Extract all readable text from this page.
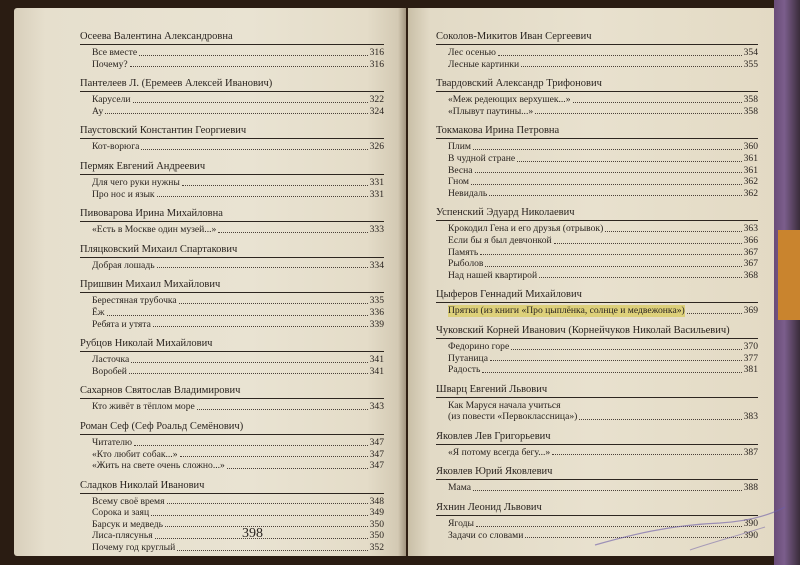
Осеева Валентина Александровна
Все вместе	316
Почему?	316
Пантелеев Л. (Еремеев Алексей Иванович)
Карусели	322
Ау	324
Паустовский Константин Георгиевич
Кот-ворюга	326
Пермяк Евгений Андреевич
Для чего руки нужны	331
Про нос и язык	331
Пивоварова Ирина Михайловна
«Есть в Москве один музей...»	333
Пляцковский Михаил Спартакович
Добрая лошадь	334
Пришвин Михаил Михайлович
Берестяная трубочка	335
Ёж	336
Ребята и утята	339
Рубцов Николай Михайлович
Ласточка	341
Воробей	341
Сахарнов Святослав Владимирович
Кто живёт в тёплом море	343
Роман Сеф (Сеф Роальд Семёнович)
Читателю	347
«Кто любит собак...»	347
«Жить на свете очень сложно...»	347
Сладков Николай Иванович
Всему своё время	348
Сорока и заяц	349
Барсук и медведь	350
Лиса-плясунья	350
Почему год круглый	352
398
Соколов-Микитов Иван Сергеевич
Лес осенью	354
Лесные картинки	355
Твардовский Александр Трифонович
«Меж редеющих верхушек...»	358
«Плывут паутины...»	358
Токмакова Ирина Петровна
Плим	360
В чудной стране	361
Весна	361
Гном	362
Невидаль	362
Успенский Эдуард Николаевич
Крокодил Гена и его друзья (отрывок)	363
Если бы я был девчонкой	366
Память	367
Рыболов	367
Над нашей квартирой	368
Цыферов Геннадий Михайлович
Прятки (из книги «Про цыплёнка, солнце и медвежонка»)	369
Чуковский Корней Иванович (Корнейчуков Николай Васильевич)
Федорино горе	370
Путаница	377
Радость	381
Шварц Евгений Львович
Как Маруся начала учиться
(из повести «Первоклассница»)	383
Яковлев Лев Григорьевич
«Я потому всегда бегу...»	387
Яковлев Юрий Яковлевич
Мама	388
Яхнин Леонид Львович
Ягоды	390
Задачи со словами	390
